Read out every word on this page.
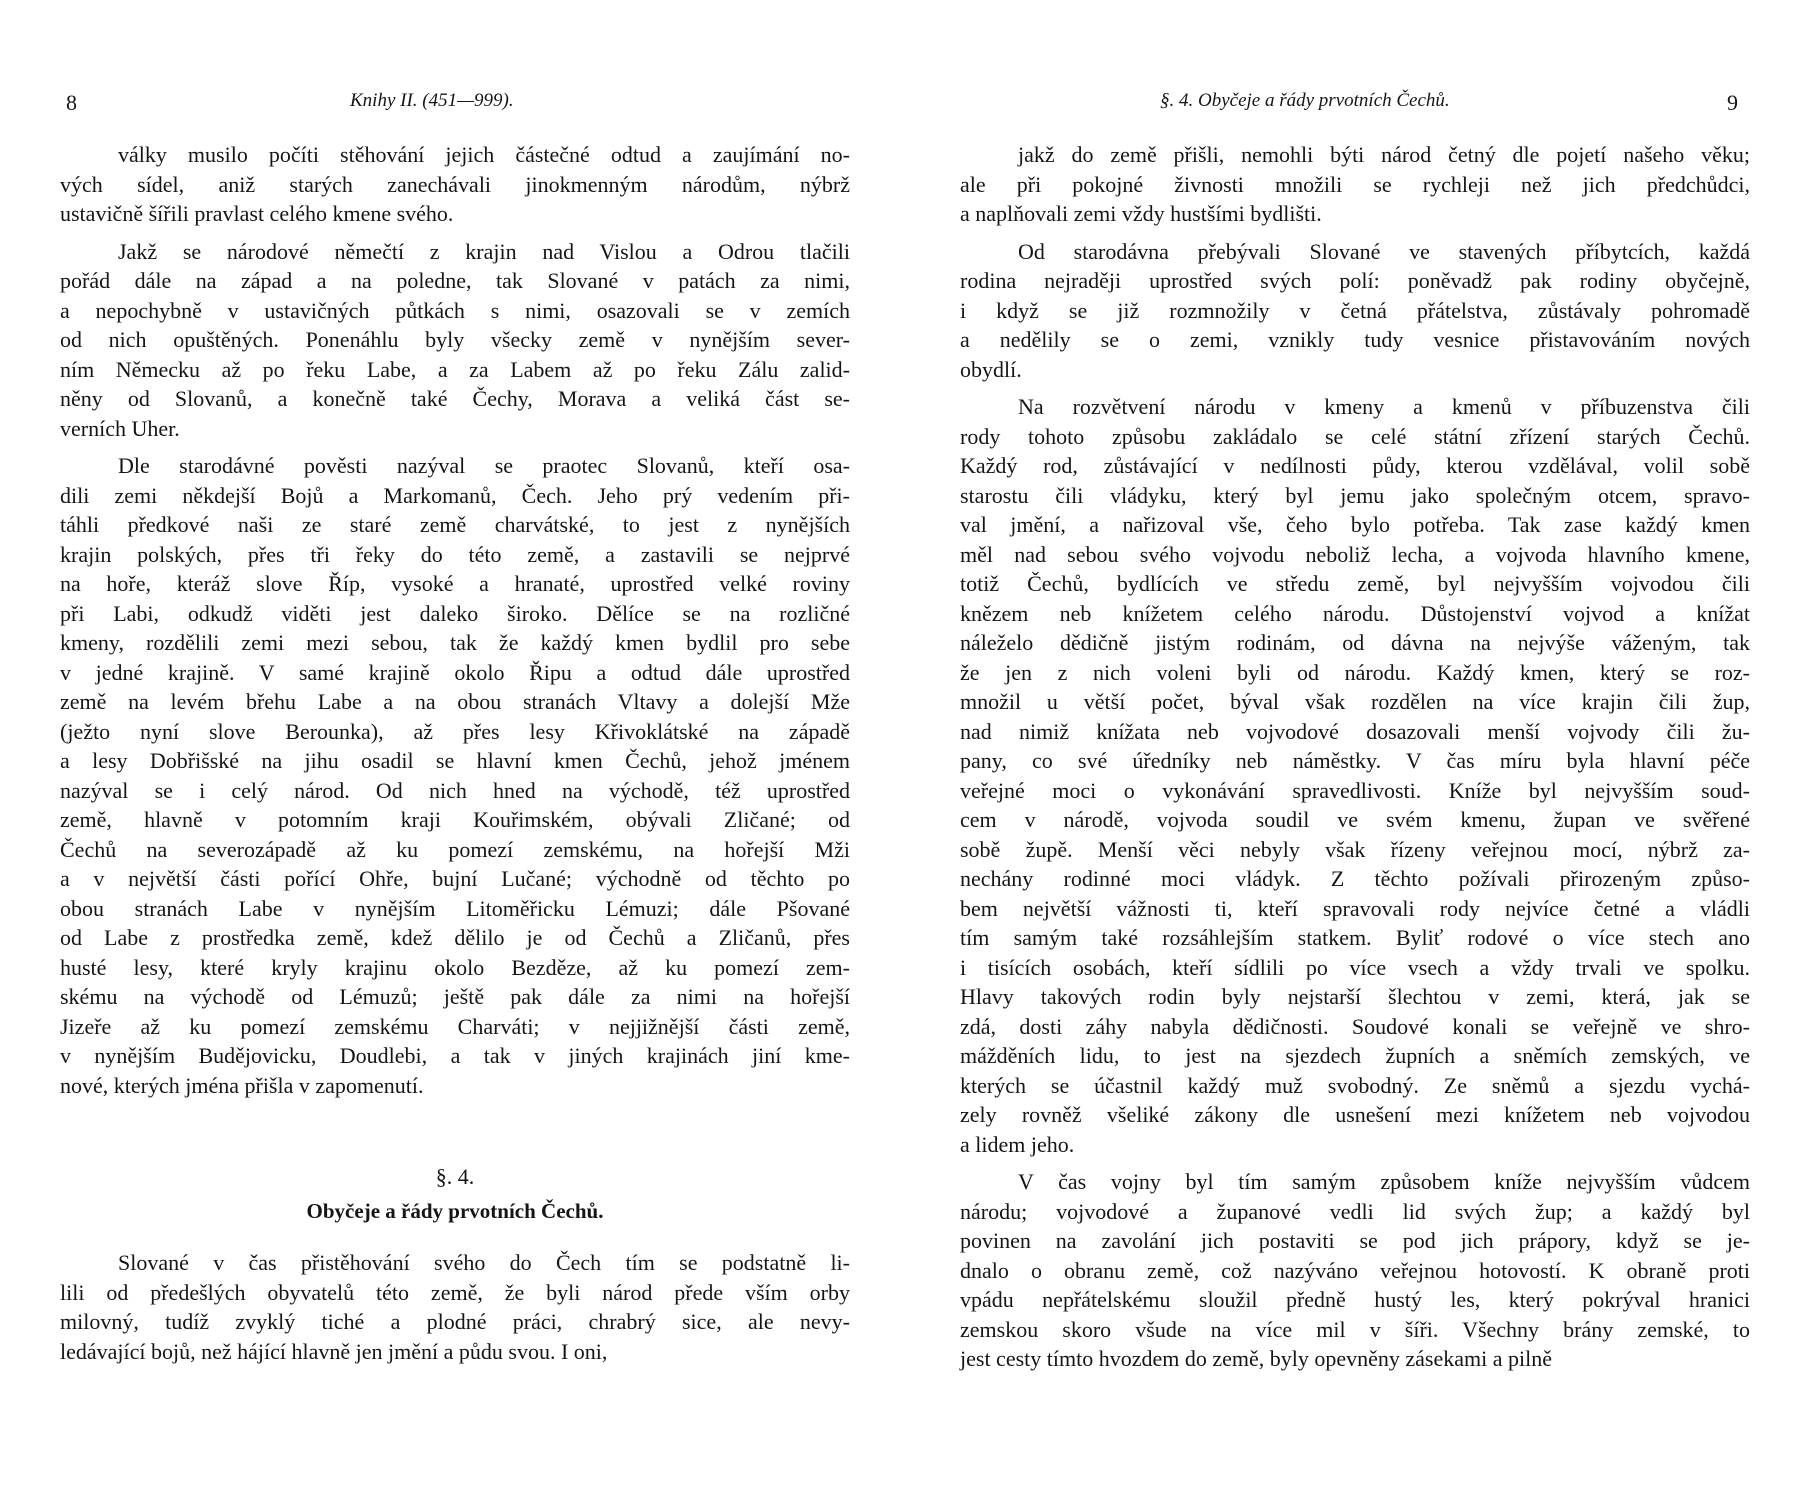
8	Knihy II. (451—999).
války musilo počíti stěhování jejich částečné odtud a zaujímání no-
vých sídel, aniž starých zanechávali jinokmenným národům, nýbrž
ustavičně šířili pravlast celého kmene svého.
Jakž se národové němečtí z krajin nad Vislou a Odrou tlačili
pořád dále na západ a na poledne, tak Slované v patách za nimi,
a nepochybně v ustavičných půtkách s nimi, osazovali se v zemích
od nich opuštěných. Ponenáhlu byly všecky země v nynějším sever-
ním Německu až po řeku Labe, a za Labem až po řeku Zálu zalid-
něny od Slovanů, a konečně také Čechy, Morava a veliká část se-
verních Uher.
Dle starodávné pověsti nazýval se praotec Slovanů, kteří osa-
dili zemi někdejší Bojů a Markomanů, Čech. Jeho prý vedením při-
táhli předkové naši ze staré země charvátské, to jest z nynějších
krajin polských, přes tři řeky do této země, a zastavili se nejprvé
na hoře, kteráž slove Říp, vysoké a hranaté, uprostřed velké roviny
při Labi, odkudž viděti jest daleko široko. Dělíce se na rozličné
kmeny, rozdělili zemi mezi sebou, tak že každý kmen bydlil pro sebe
v jedné krajině. V samé krajině okolo Řipu a odtud dále uprostřed
země na levém břehu Labe a na obou stranách Vltavy a dolejší Mže
(ježto nyní slove Berounka), až přes lesy Křivoklátské na západě
a lesy Dobřišské na jihu osadil se hlavní kmen Čechů, jehož jménem
nazýval se i celý národ. Od nich hned na východě, též uprostřed
země, hlavně v potomním kraji Kouřimském, obývali Zličané; od
Čechů na severozápadě až ku pomezí zemskému, na hořejší Mži
a v největší části pořící Ohře, bujní Lučané; východně od těchto po
obou stranách Labe v nynějším Litoměřicku Lémuzi; dále Pšované
od Labe z prostředka země, kdež dělilo je od Čechů a Zličanů, přes
husté lesy, které kryly krajinu okolo Bezděze, až ku pomezí zem-
skému na východě od Lémuzů; ještě pak dále za nimi na hořejší
Jizeře až ku pomezí zemskému Charváti; v nejjižnější části země,
v nynějším Budějovicku, Doudlebi, a tak v jiných krajinách jiní kme-
nové, kterých jména přišla v zapomenutí.
§. 4.
Obyčeje a řády prvotních Čechů.
Slované v čas přistěhování svého do Čech tím se podstatně li-
lili od předešlých obyvatelů této země, že byli národ přede vším orby
milovný, tudíž zvyklý tiché a plodné práci, chrabrý sice, ale nevy-
ledávající bojů, než hájící hlavně jen jmění a půdu svou. I oni,
§. 4. Obyčeje a řády prvotních Čechů.	9
jakž do země přišli, nemohli býti národ četný dle pojetí našeho věku;
ale při pokojné živnosti množili se rychleji než jich předchůdci,
a naplňovali zemi vždy hustšími bydlišti.
Od starodávna přebývali Slované ve stavených příbytcích, každá
rodina nejraději uprostřed svých polí: poněvadž pak rodiny obyčejně,
i když se již rozmnožily v četná přátelstva, zůstávaly pohromadě
a nedělily se o zemi, vznikly tudy vesnice přistavováním nových
obydlí.
Na rozvětvení národu v kmeny a kmenů v příbuzenstva čili
rody tohoto způsobu zakládalo se celé státní zřízení starých Čechů.
Každý rod, zůstávající v nedílnosti půdy, kterou vzdělával, volil sobě
starostu čili vládyku, který byl jemu jako společným otcem, spravo-
val jmění, a nařizoval vše, čeho bylo potřeba. Tak zase každý kmen
měl nad sebou svého vojvodu neboliž lecha, a vojvoda hlavního kmene,
totiž Čechů, bydlících ve středu země, byl nejvyšším vojvodou čili
knězem neb knížetem celého národu. Důstojenství vojvod a knížat
náleželo dědičně jistým rodinám, od dávna na nejvýše váženým, tak
že jen z nich voleni byli od národu. Každý kmen, který se roz-
množil u větší počet, býval však rozdělen na více krajin čili žup,
nad nimiž knížata neb vojvodové dosazovali menší vojvody čili žu-
pany, co své úředníky neb náměstky. V čas míru byla hlavní péče
veřejné moci o vykonávání spravedlivosti. Kníže byl nejvyšším soud-
cem v národě, vojvoda soudil ve svém kmenu, župan ve svěřené
sobě župě. Menší věci nebyly však řízeny veřejnou mocí, nýbrž za-
nechány rodinné moci vládyk. Z těchto požívali přirozeným způso-
bem největší vážnosti ti, kteří spravovali rody nejvíce četné a vládli
tím samým také rozsáhlejším statkem. Byliť rodové o více stech ano
i tisících osobách, kteří sídlili po více vsech a vždy trvali ve spolku.
Hlavy takových rodin byly nejstarší šlechtou v zemi, která, jak se
zdá, dosti záhy nabyla dědičnosti. Soudové konali se veřejně ve shro-
mážděních lidu, to jest na sjezdech župních a sněmích zemských, ve
kterých se účastnil každý muž svobodný. Ze sněmů a sjezdu vychá-
zely rovněž všeliké zákony dle usnešení mezi knížetem neb vojvodou
a lidem jeho.
V čas vojny byl tím samým způsobem kníže nejvyšším vůdcem
národu; vojvodové a županové vedli lid svých žup; a každý byl
povinen na zavolání jich postaviti se pod jich prápory, když se je-
dnalo o obranu země, což nazýváno veřejnou hotovostí. K obraně proti
vpádu nepřátelskému sloužil předně hustý les, který pokrýval hranici
zemskou skoro všude na více mil v šíři. Všechny brány zemské, to
jest cesty tímto hvozdem do země, byly opevněny zásekami a pilně
